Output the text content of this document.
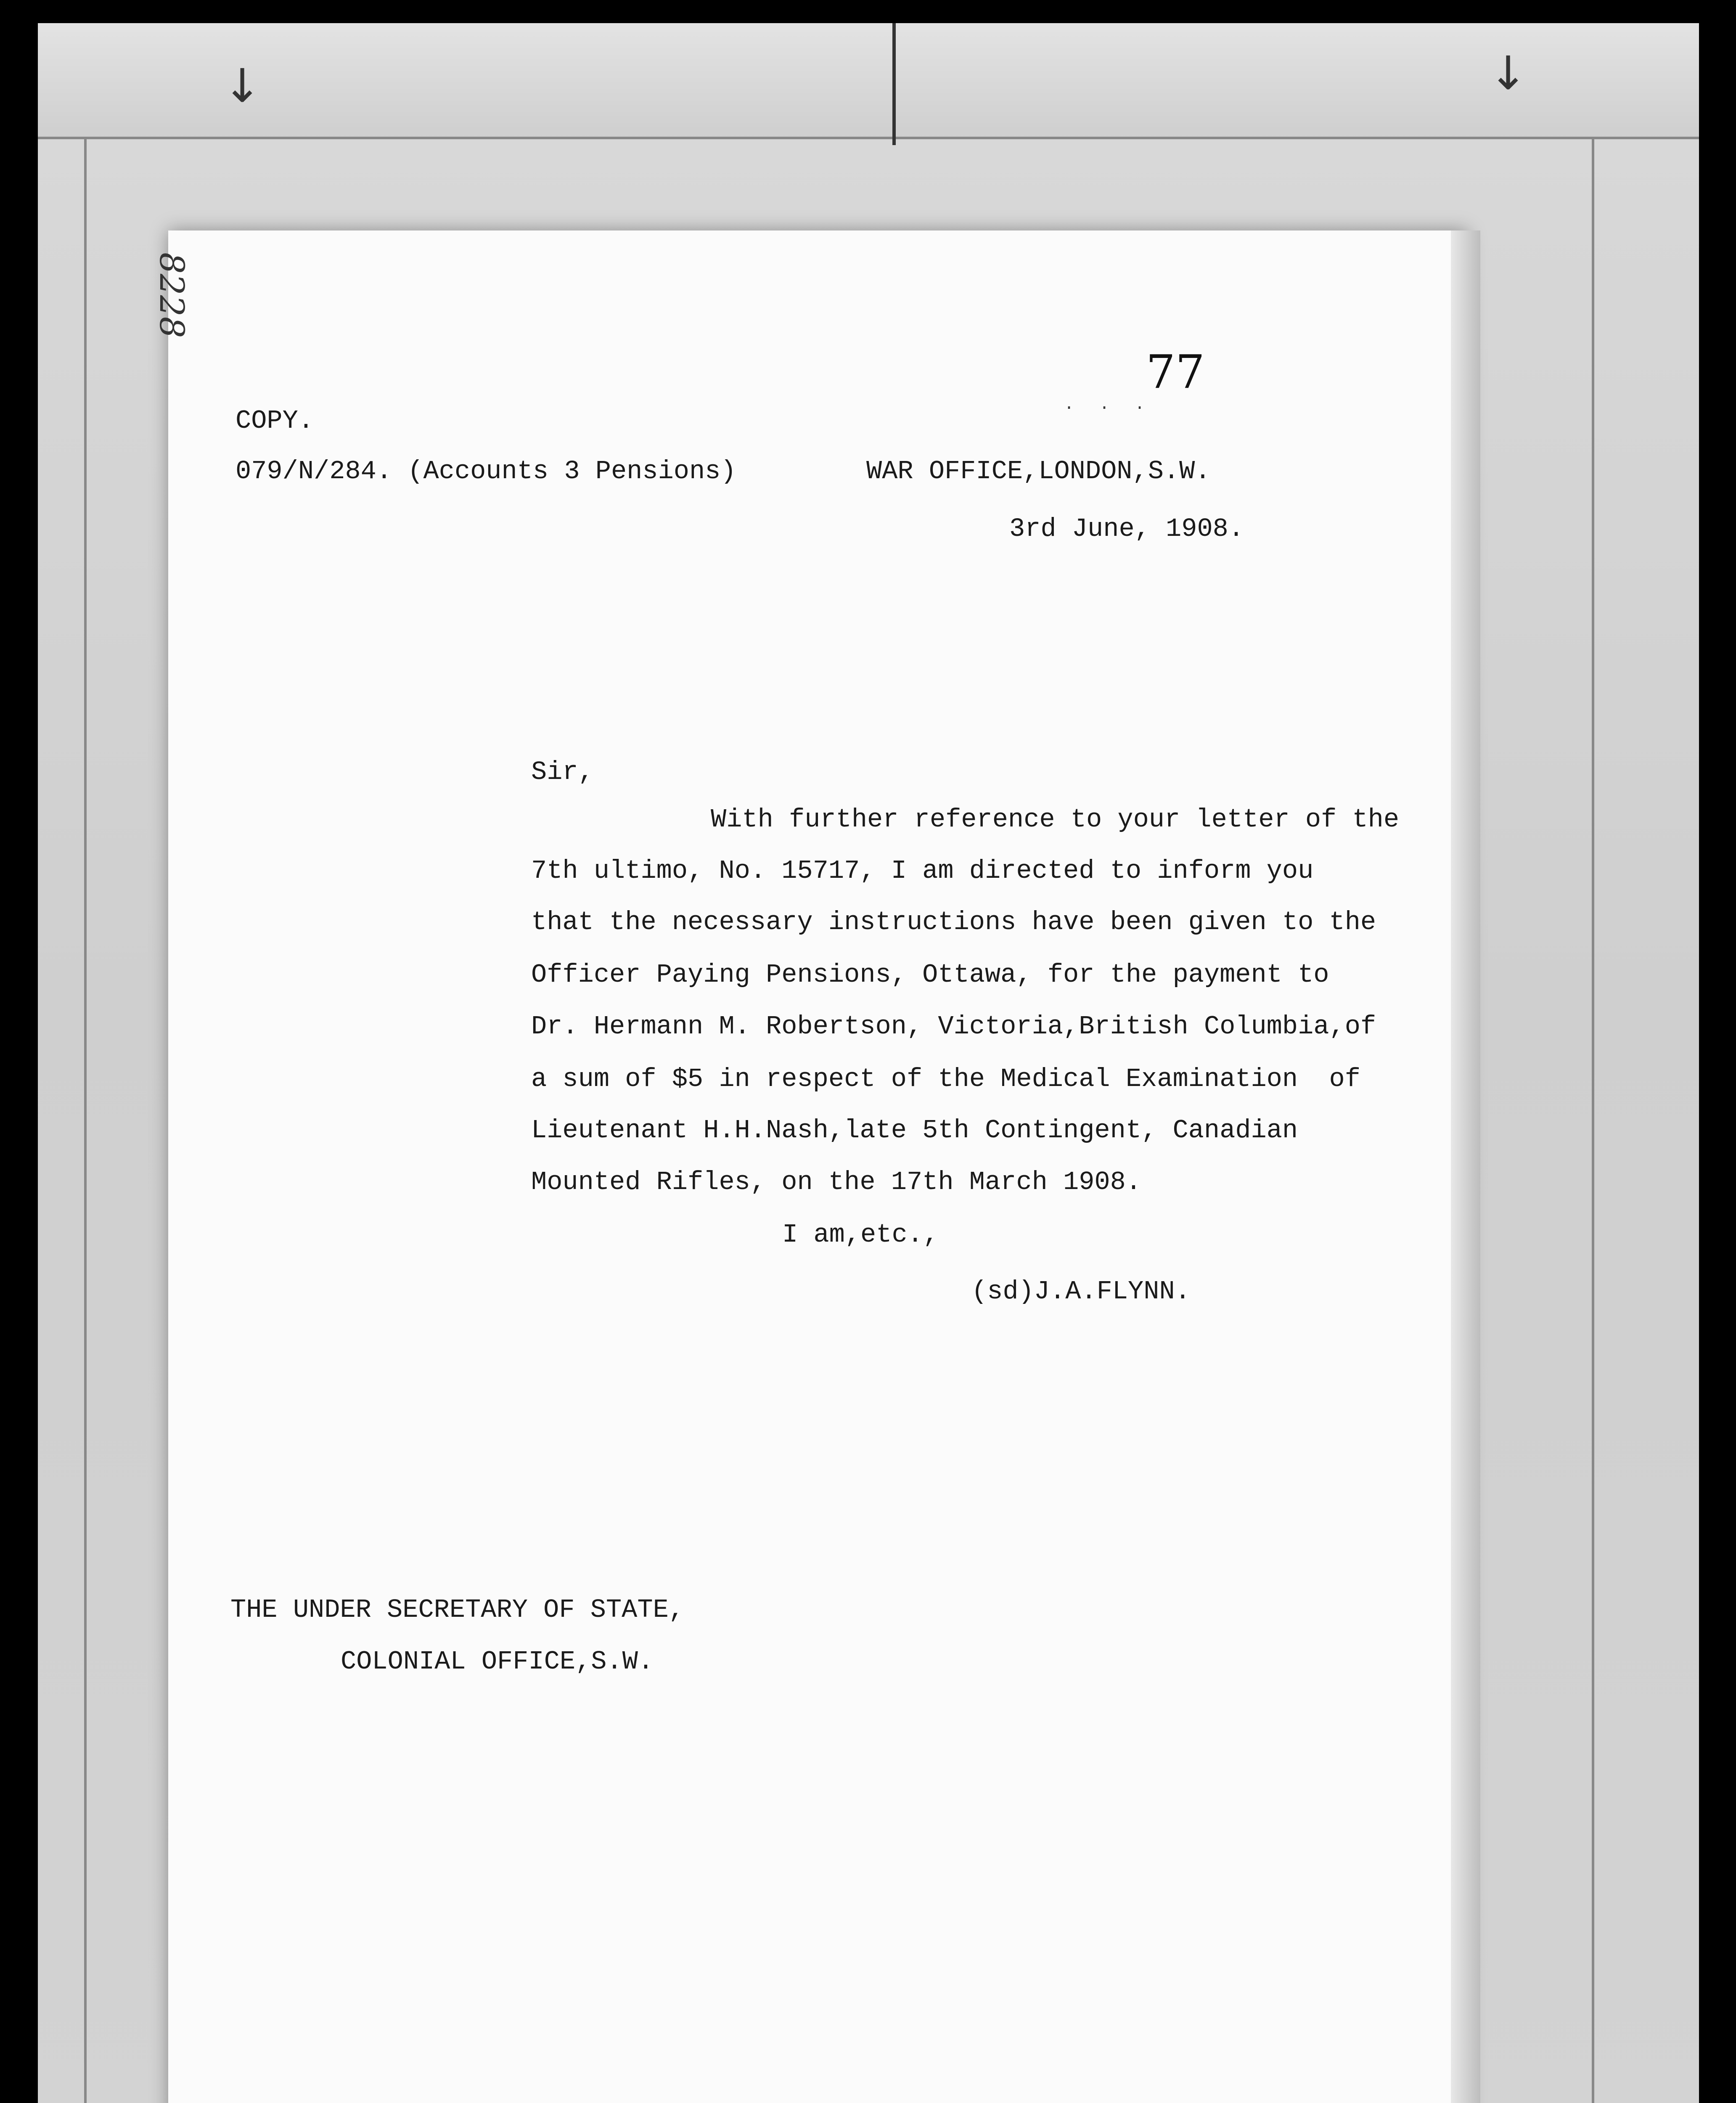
↓	↓
8228
77
. . .
COPY.
079/N/284. (Accounts 3 Pensions)	WAR OFFICE,LONDON,S.W.
3rd June, 1908.
Sir,
With further reference to your letter of the
7th ultimo, No. 15717, I am directed to inform you
that the necessary instructions have been given to the
Officer Paying Pensions, Ottawa, for the payment to
Dr. Hermann M. Robertson, Victoria,British Columbia,of
a sum of $5 in respect of the Medical Examination  of
Lieutenant H.H.Nash,late 5th Contingent, Canadian
Mounted Rifles, on the 17th March 1908.
I am,etc.,
(sd)J.A.FLYNN.
THE UNDER SECRETARY OF STATE,
COLONIAL OFFICE,S.W.
